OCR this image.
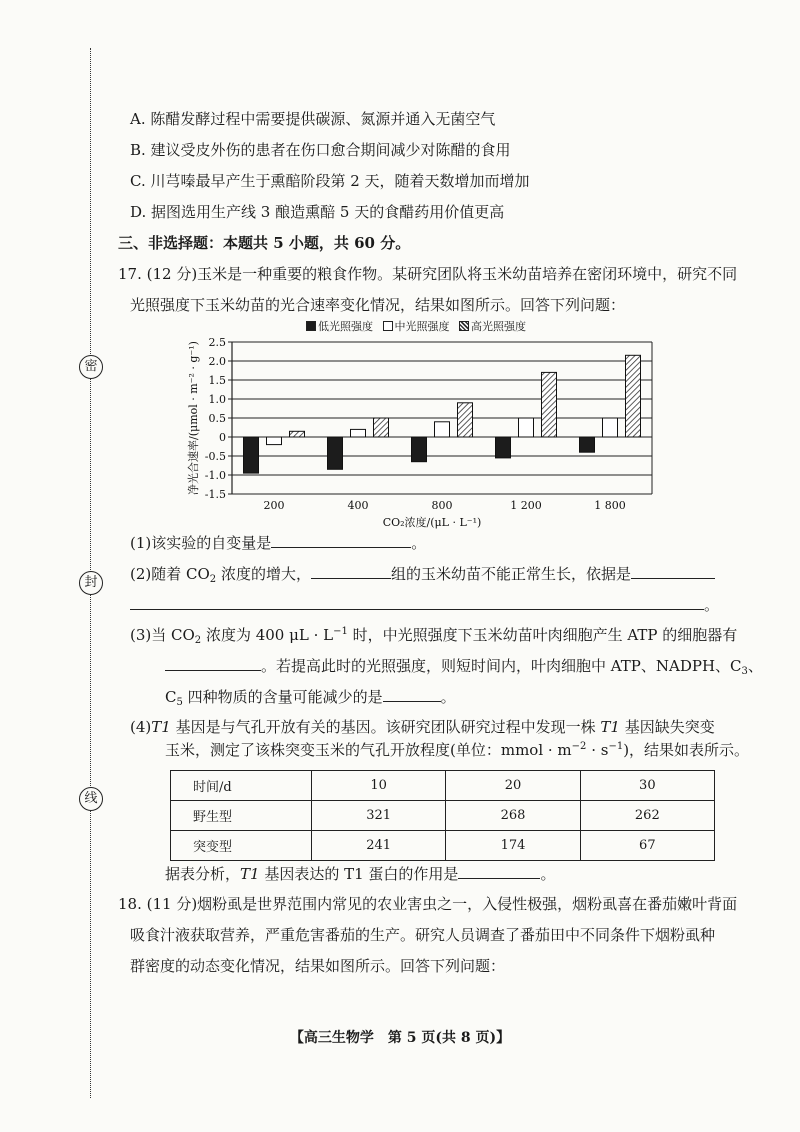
密
封
线
A. 陈醋发酵过程中需要提供碳源、氮源并通入无菌空气
B. 建议受皮外伤的患者在伤口愈合期间减少对陈醋的食用
C. 川芎嗪最早产生于熏醅阶段第 2 天，随着天数增加而增加
D. 据图选用生产线 3 酿造熏醅 5 天的食醋药用价值更高
三、非选择题：本题共 5 小题，共 60 分。
17. (12 分)玉米是一种重要的粮食作物。某研究团队将玉米幼苗培养在密闭环境中，研究不同
光照强度下玉米幼苗的光合速率变化情况，结果如图所示。回答下列问题：
低光照强度 中光照强度 高光照强度
2.5
2.0
1.5
1.0
0.5
0
-0.5
-1.0
-1.5
200	400	800	1 200	1 800
CO₂浓度/(μL · L⁻¹)
净光合速率/(μmol · m⁻² · g⁻¹)
(1)该实验的自变量是	。
(2)随着 $CO_2$ 浓度的增大，	组的玉米幼苗不能正常生长，依据是
。
(3)当 $CO_2$ 浓度为 400 $\mu L \cdot L^{-1}$ 时，中光照强度下玉米幼苗叶肉细胞产生 ATP 的细胞器有
。若提高此时的光照强度，则短时间内，叶肉细胞中 ATP、NADPH、$C_3$、
$C_5$ 四种物质的含量可能减少的是	。
(4)T1 基因是与气孔开放有关的基因。该研究团队研究过程中发现一株 T1 基因缺失突变
玉米，测定了该株突变玉米的气孔开放程度(单位：mmol · $m^{-2} \cdot s^{-1}$)，结果如表所示。
时间/d	10	20	30
野生型	321	268	262
突变型	241	174	67
据表分析，T1 基因表达的 T1 蛋白的作用是	。
18. (11 分)烟粉虱是世界范围内常见的农业害虫之一，入侵性极强，烟粉虱喜在番茄嫩叶背面
吸食汁液获取营养，严重危害番茄的生产。研究人员调查了番茄田中不同条件下烟粉虱种
群密度的动态变化情况，结果如图所示。回答下列问题：
【高三生物学　第 5 页(共 8 页)】
